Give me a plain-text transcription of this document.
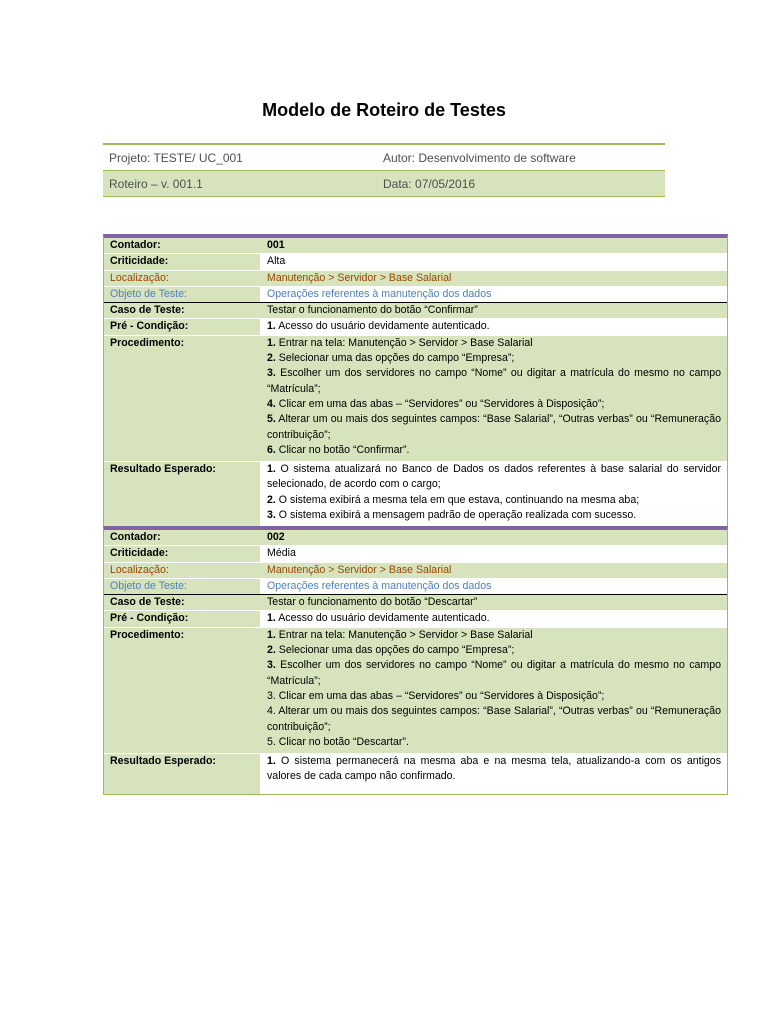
Modelo de Roteiro de Testes
Projeto: TESTE/ UC_001	Autor: Desenvolvimento de software
Roteiro – v. 001.1	Data: 07/05/2016
Contador:	001
Criticidade:	Alta
Localização:	Manutenção > Servidor > Base Salarial
Objeto de Teste:	Operações referentes à manutenção dos dados
Caso de Teste:	Testar o funcionamento do botão “Confirmar”
Pré - Condição:	1. Acesso do usuário devidamente autenticado.
Procedimento:	1. Entrar na tela: Manutenção > Servidor > Base Salarial
2. Selecionar uma das opções do campo “Empresa”;
3. Escolher um dos servidores no campo “Nome” ou digitar a matrícula do mesmo no campo “Matrícula”;
4. Clicar em uma das abas – “Servidores” ou “Servidores à Disposição”;
5. Alterar um ou mais dos seguintes campos: “Base Salarial”, “Outras verbas” ou “Remuneração contribuição”;
6. Clicar no botão “Confirmar”.
Resultado Esperado:	1. O sistema atualizará no Banco de Dados os dados referentes à base salarial do servidor selecionado, de acordo com o cargo;
2. O sistema exibirá a mesma tela em que estava, continuando na mesma aba;
3. O sistema exibirá a mensagem padrão de operação realizada com sucesso.
Contador:	002
Criticidade:	Média
Localização:	Manutenção > Servidor > Base Salarial
Objeto de Teste:	Operações referentes à manutenção dos dados
Caso de Teste:	Testar o funcionamento do botão “Descartar”
Pré - Condição:	1. Acesso do usuário devidamente autenticado.
Procedimento:	1. Entrar na tela: Manutenção > Servidor > Base Salarial
2. Selecionar uma das opções do campo “Empresa”;
3. Escolher um dos servidores no campo “Nome” ou digitar a matrícula do mesmo no campo “Matrícula”;
3. Clicar em uma das abas – “Servidores” ou “Servidores à Disposição”;
4. Alterar um ou mais dos seguintes campos: “Base Salarial”, “Outras verbas” ou “Remuneração contribuição”;
5. Clicar no botão “Descartar”.
Resultado Esperado:	1. O sistema permanecerá na mesma aba e na mesma tela, atualizando-a com os antigos valores de cada campo não confirmado.
